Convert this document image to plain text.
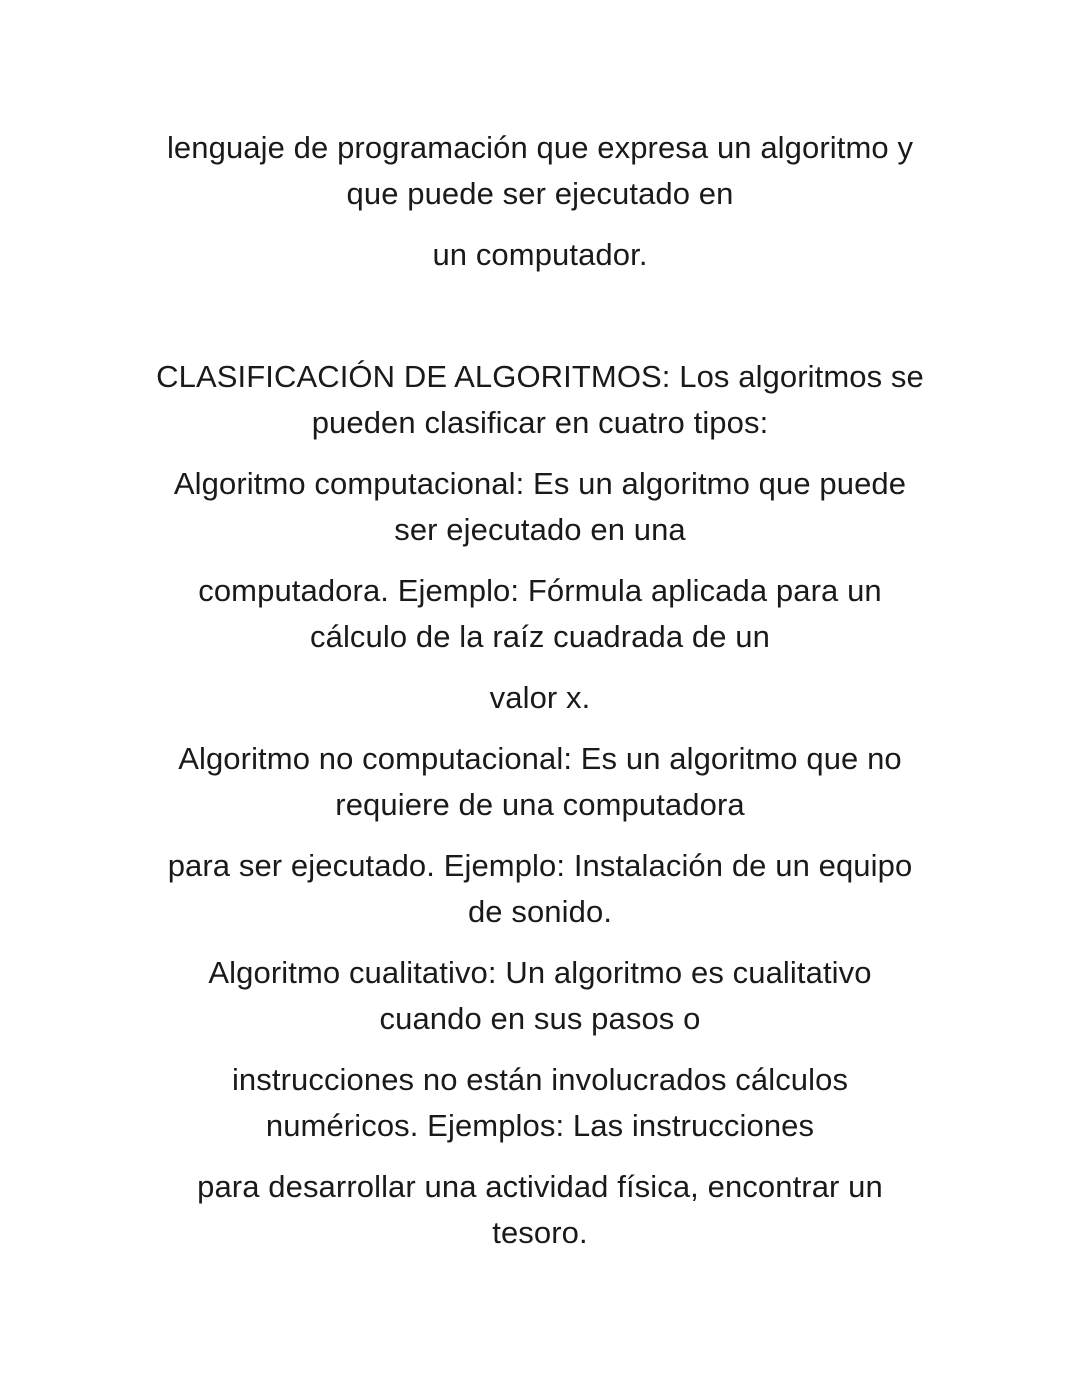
lenguaje de programación que expresa un algoritmo y
que puede ser ejecutado en

un computador.

CLASIFICACIÓN DE ALGORITMOS: Los algoritmos se
pueden clasificar en cuatro tipos:

Algoritmo computacional: Es un algoritmo que puede
ser ejecutado en una

computadora. Ejemplo: Fórmula aplicada para un
cálculo de la raíz cuadrada de un

valor x.

Algoritmo no computacional: Es un algoritmo que no
requiere de una computadora

para ser ejecutado. Ejemplo: Instalación de un equipo
de sonido.

Algoritmo cualitativo: Un algoritmo es cualitativo
cuando en sus pasos o

instrucciones no están involucrados cálculos
numéricos. Ejemplos: Las instrucciones

para desarrollar una actividad física, encontrar un
tesoro.
